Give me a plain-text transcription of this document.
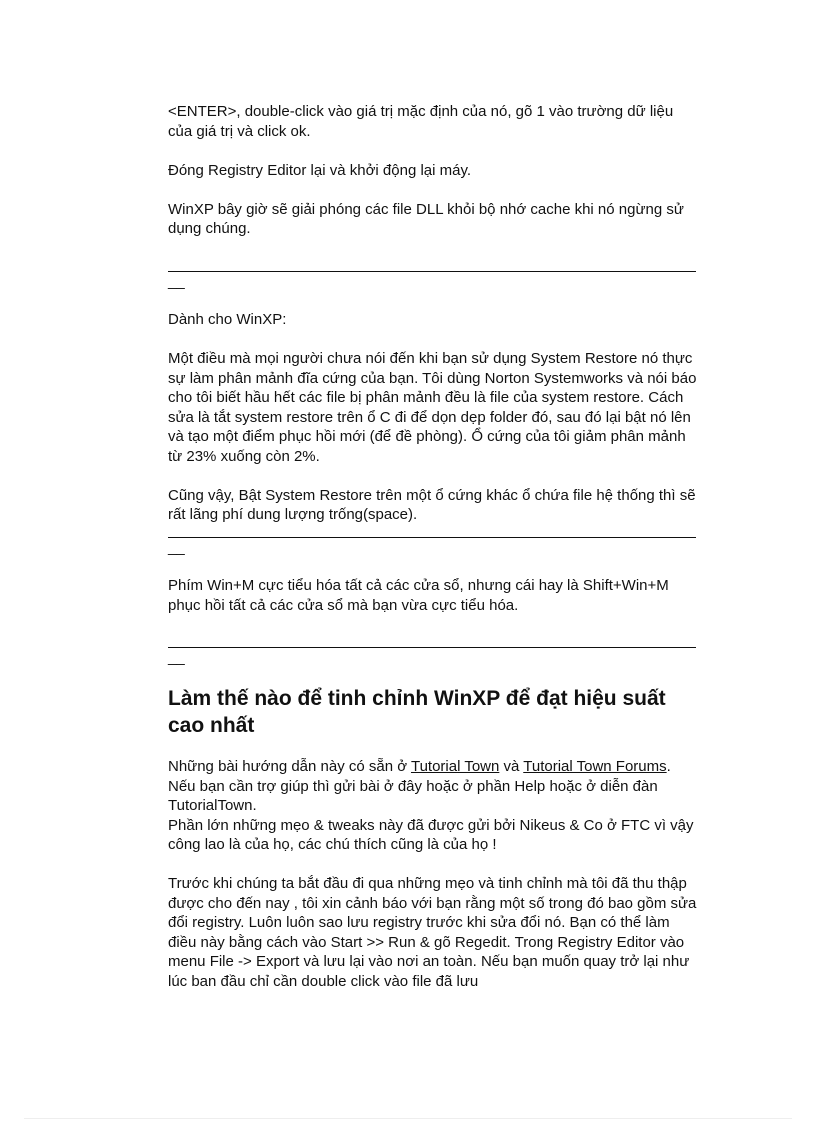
<ENTER>, double-click vào giá trị mặc định của nó, gõ 1 vào trường dữ liệu của giá trị và click ok.

Đóng Registry Editor lại và khởi động lại máy.

WinXP bây giờ sẽ giải phóng các file DLL khỏi bộ nhớ cache khi nó ngừng sử dụng chúng.

__

Dành cho WinXP:

Một điều mà mọi người chưa nói đến khi bạn sử dụng System Restore nó thực sự làm phân mảnh đĩa cứng của bạn. Tôi dùng Norton Systemworks và nói báo cho tôi biết hầu hết các file bị phân mảnh đều là file của system restore. Cách sửa là tắt system restore trên ổ C đi để dọn dẹp folder đó, sau đó lại bật nó lên và tạo một điểm phục hồi mới (để đề phòng). Ổ cứng của tôi giảm phân mảnh từ 23% xuống còn 2%.

Cũng vậy, Bật System Restore trên một ổ cứng khác ổ chứa file hệ thống thì sẽ rất lãng phí dung lượng trống(space).

__

Phím Win+M cực tiểu hóa tất cả các cửa sổ, nhưng cái hay là Shift+Win+M phục hồi tất cả các cửa sổ mà bạn vừa cực tiểu hóa.

__

Làm thế nào để tinh chỉnh WinXP để đạt hiệu suất cao nhất

Những bài hướng dẫn này có sẵn ở Tutorial Town và Tutorial Town Forums. Nếu bạn cần trợ giúp thì gửi bài ở đây hoặc ở phần Help hoặc ở diễn đàn TutorialTown.

Phần lớn những mẹo & tweaks này đã được gửi bởi Nikeus & Co ở FTC vì vậy công lao là của họ, các chú thích cũng là của họ !

Trước khi chúng ta bắt đầu đi qua những mẹo và tinh chỉnh mà tôi đã thu thập được cho đến nay , tôi xin cảnh báo với bạn rằng một số trong đó bao gồm sửa đổi registry. Luôn luôn sao lưu registry trước khi sửa đổi nó. Bạn có thể làm điều này bằng cách vào Start >> Run & gõ Regedit. Trong Registry Editor vào menu File -> Export và lưu lại vào nơi an toàn. Nếu bạn muốn quay trở lại như lúc ban đầu chỉ cần double click vào file đã lưu
